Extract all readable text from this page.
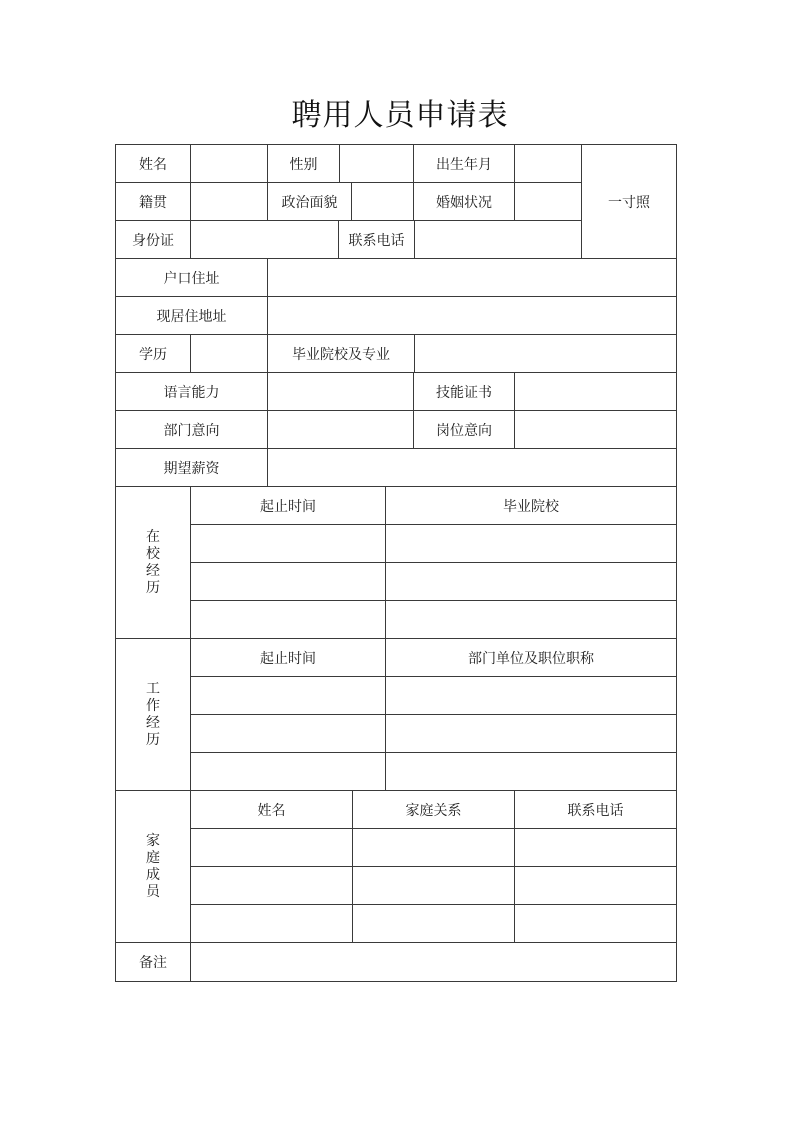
聘用人员申请表
姓名	性别	出生年月
一寸照
籍贯	政治面貌	婚姻状况
身份证	联系电话
户口住址
现居住地址
学历	毕业院校及专业
语言能力	技能证书
部门意向	岗位意向
期望薪资
在
校
经
历
起止时间	毕业院校
工
作
经
历
起止时间	部门单位及职位职称
家
庭
成
员
姓名	家庭关系	联系电话
备注
